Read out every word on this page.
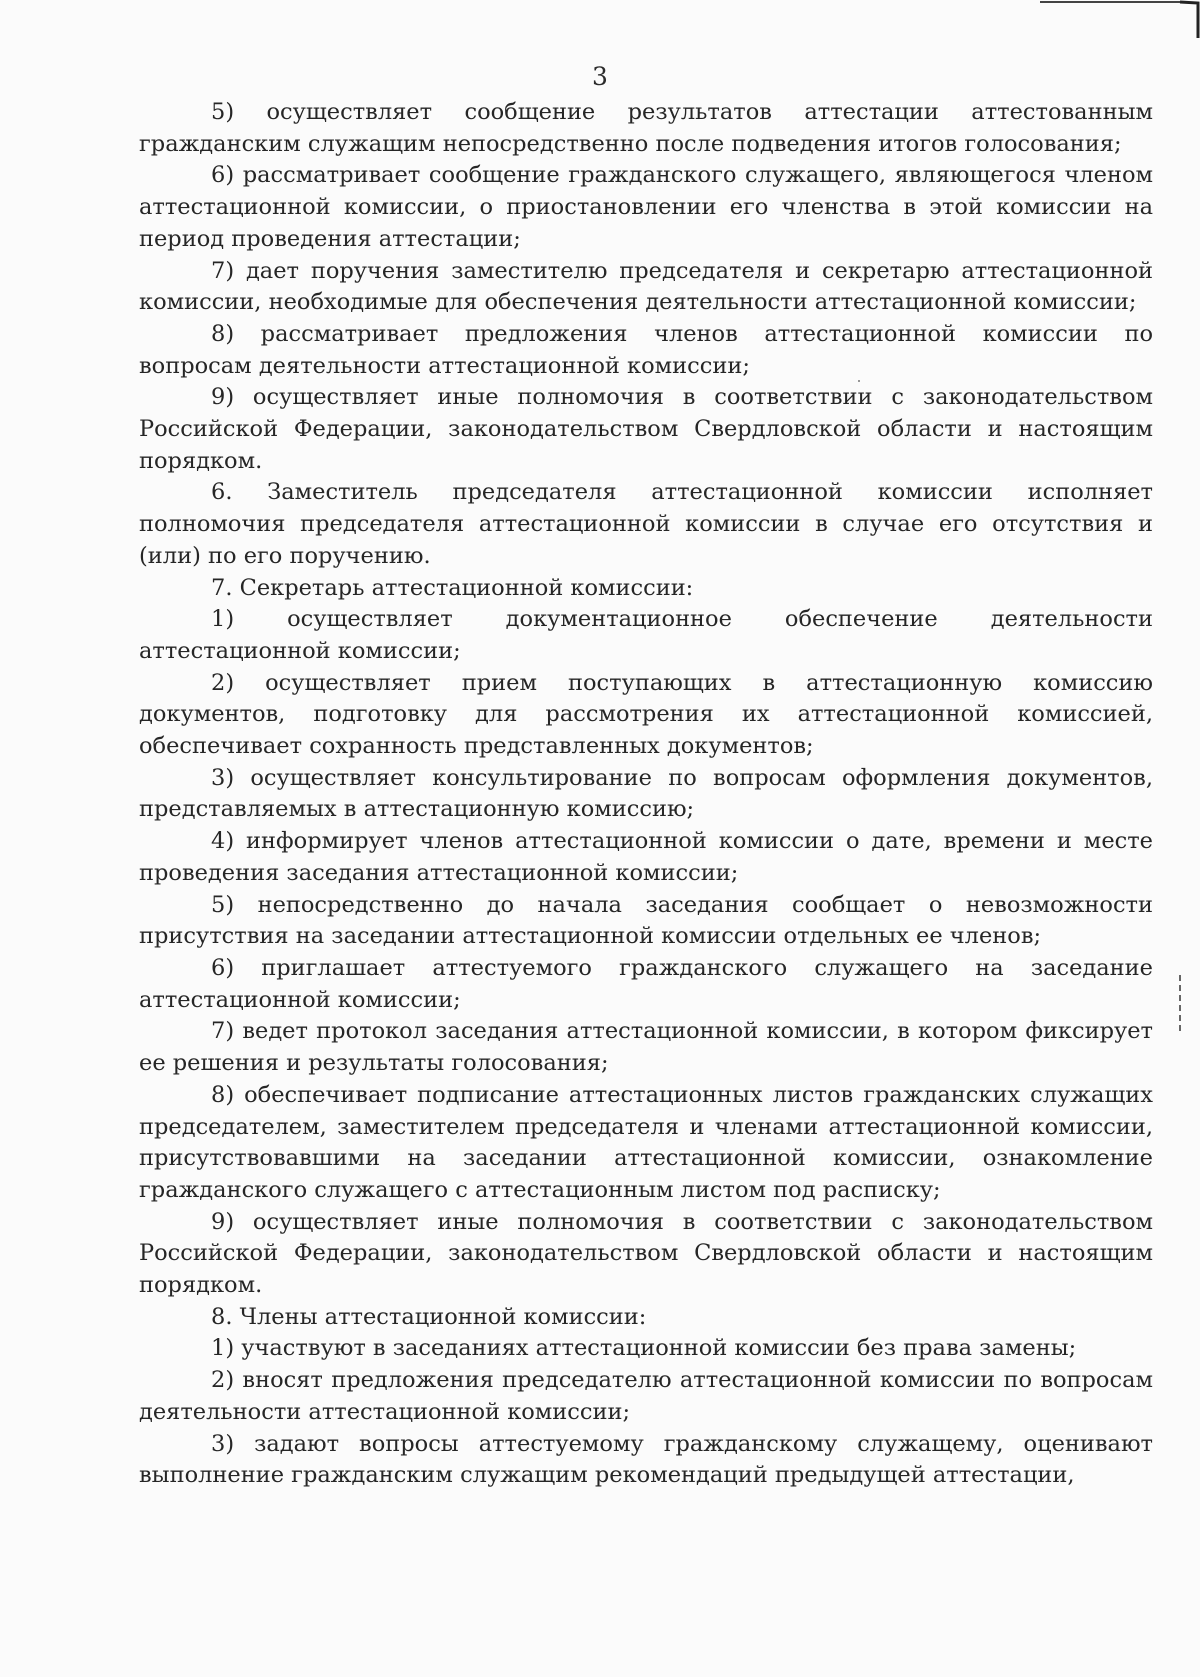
3

5) осуществляет сообщение результатов аттестации аттестованным гражданским служащим непосредственно после подведения итогов голосования;

6) рассматривает сообщение гражданского служащего, являющегося членом аттестационной комиссии, о приостановлении его членства в этой комиссии на период проведения аттестации;

7) дает поручения заместителю председателя и секретарю аттестационной комиссии, необходимые для обеспечения деятельности аттестационной комиссии;

8) рассматривает предложения членов аттестационной комиссии по вопросам деятельности аттестационной комиссии;

9) осуществляет иные полномочия в соответствии с законодательством Российской Федерации, законодательством Свердловской области и настоящим порядком.

6. Заместитель председателя аттестационной комиссии исполняет полномочия председателя аттестационной комиссии в случае его отсутствия и (или) по его поручению.

7. Секретарь аттестационной комиссии:

1) осуществляет документационное обеспечение деятельности аттестационной комиссии;

2) осуществляет прием поступающих в аттестационную комиссию документов, подготовку для рассмотрения их аттестационной комиссией, обеспечивает сохранность представленных документов;

3) осуществляет консультирование по вопросам оформления документов, представляемых в аттестационную комиссию;

4) информирует членов аттестационной комиссии о дате, времени и месте проведения заседания аттестационной комиссии;

5) непосредственно до начала заседания сообщает о невозможности присутствия на заседании аттестационной комиссии отдельных ее членов;

6) приглашает аттестуемого гражданского служащего на заседание аттестационной комиссии;

7) ведет протокол заседания аттестационной комиссии, в котором фиксирует ее решения и результаты голосования;

8) обеспечивает подписание аттестационных листов гражданских служащих председателем, заместителем председателя и членами аттестационной комиссии, присутствовавшими на заседании аттестационной комиссии, ознакомление гражданского служащего с аттестационным листом под расписку;

9) осуществляет иные полномочия в соответствии с законодательством Российской Федерации, законодательством Свердловской области и настоящим порядком.

8. Члены аттестационной комиссии:

1) участвуют в заседаниях аттестационной комиссии без права замены;

2) вносят предложения председателю аттестационной комиссии по вопросам деятельности аттестационной комиссии;

3) задают вопросы аттестуемому гражданскому служащему, оценивают выполнение гражданским служащим рекомендаций предыдущей аттестации,
